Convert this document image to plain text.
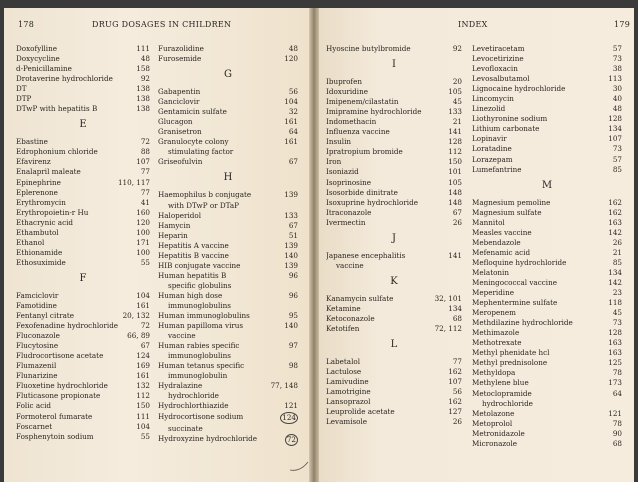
178	DRUG DOSAGES IN CHILDREN	INDEX	179
Doxofylline	111
Doxycycline	48
d-Penicillamine	158
Drotaverine hydrochloride	92
DT	138
DTP	138
DTwP with hepatitis B	138
E
Ebastine	72
Edrophonium chloride	88
Efavirenz	107
Enalapril maleate	77
Epinephrine	110, 117
Eplerenone	77
Erythromycin	41
Erythropoietin-r Hu	160
Ethacrynic acid	120
Ethambutol	100
Ethanol	171
Ethionamide	100
Ethosuximide	55
F
Famciclovir	104
Famotidine	161
Fentanyl citrate	20, 132
Fexofenadine hydrochloride	72
Fluconazole	66, 89
Flucytosine	67
Fludrocortisone acetate	124
Flumazenil	169
Flunarizine	161
Fluoxetine hydrochloride	132
Fluticasone propionate	112
Folic acid	150
Formoterol fumarate	111
Foscarnet	104
Fosphenytoin sodium	55
Furazolidine	48
Furosemide	120
G
Gabapentin	56
Ganciclovir	104
Gentamicin sulfate	32
Glucagon	161
Granisetron	64
Granulocyte colony	161
stimulating factor
Griseofulvin	67
H
Haemophilus b conjugate	139
with DTwP or DTaP
Haloperidol	133
Hamycin	67
Heparin	51
Hepatitis A vaccine	139
Hepatitis B vaccine	140
HIB conjugate vaccine	139
Human hepatitis B	96
specific globulins
Human high dose	96
immunoglobulins
Human immunoglobulins	95
Human papilloma virus	140
vaccine
Human rabies specific	97
immunoglobulins
Human tetanus specific	98
immunoglobulin
Hydralazine	77, 148
hydrochloride
Hydrochlorthiazide	121
Hydrocortisone sodium	124
succinate
Hydroxyzine hydrochloride	72
Hyoscine butylbromide	92
I
Ibuprofen	20
Idoxuridine	105
Imipenem/cilastatin	45
Imipramine hydrochloride	133
Indomethacin	21
Influenza vaccine	141
Insulin	128
Ipratropium bromide	112
Iron	150
Isoniazid	101
Isoprinosine	105
Isosorbide dinitrate	148
Isoxuprine hydrochloride	148
Itraconazole	67
Ivermectin	26
J
Japanese encephalitis	141
vaccine
K
Kanamycin sulfate	32, 101
Ketamine	134
Ketoconazole	68
Ketotifen	72, 112
L
Labetalol	77
Lactulose	162
Lamivudine	107
Lamotrigine	56
Lansoprazol	162
Leuprolide acetate	127
Levamisole	26
Levetiracetam	57
Levocetirizine	73
Levofloxacin	38
Levosalbutamol	113
Lignocaine hydrochloride	30
Lincomycin	40
Linezolid	48
Liothyronine sodium	128
Lithium carbonate	134
Lopinavir	107
Loratadine	73
Lorazepam	57
Lumefantrine	85
M
Magnesium pemoline	162
Magnesium sulfate	162
Mannitol	163
Measles vaccine	142
Mebendazole	26
Mefenamic acid	21
Mefloquine hydrochloride	85
Melatonin	134
Meningococcal vaccine	142
Meperidine	23
Mephentermine sulfate	118
Meropenem	45
Methdilazine hydrochloride	73
Methimazole	128
Methotrexate	163
Methyl phenidate hcl	163
Methyl prednisolone	125
Methyldopa	78
Methylene blue	173
Metoclopramide	64
hydrochloride
Metolazone	121
Metoprolol	78
Metronidazole	90
Micronazole	68
